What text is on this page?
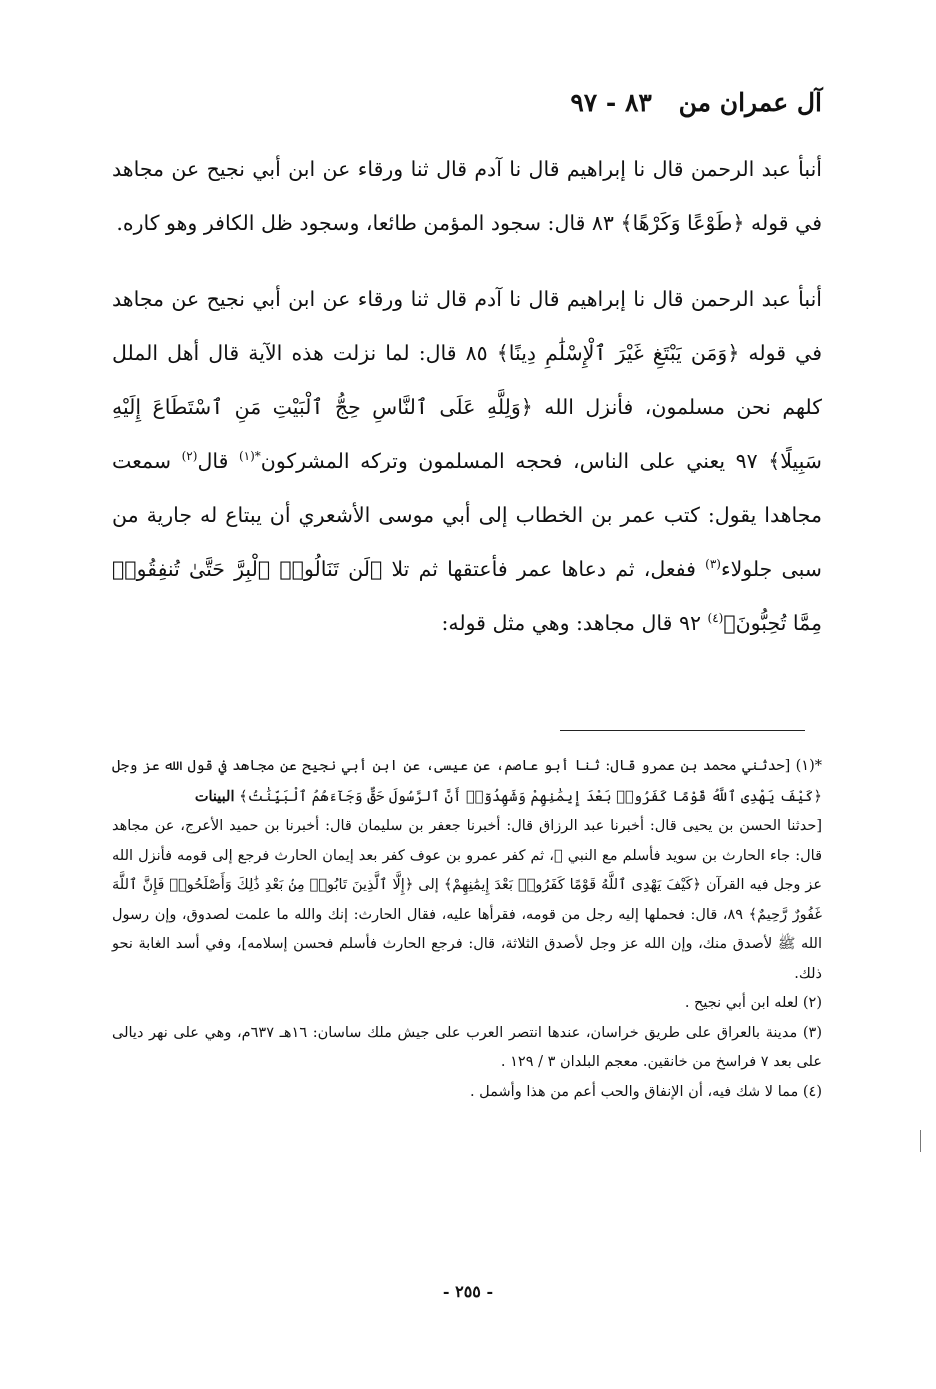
آل عمران من ٨٣ - ٩٧

أنبأ عبد الرحمن قال نا إبراهيم قال نا آدم قال ثنا ورقاء عن ابن أبي نجيح عن مجاهد في قوله ﴿طَوْعًا وَكَرْهًا﴾ ٨٣ قال: سجود المؤمن طائعا، وسجود ظل الكافر وهو كاره.

أنبأ عبد الرحمن قال نا إبراهيم قال نا آدم قال ثنا ورقاء عن ابن أبي نجيح عن مجاهد في قوله ﴿وَمَن يَبْتَغِ غَيْرَ ٱلْإِسْلَٰمِ دِينًا﴾ ٨٥ قال: لما نزلت هذه الآية قال أهل الملل كلهم نحن مسلمون، فأنزل الله ﴿وَلِلَّهِ عَلَى ٱلنَّاسِ حِجُّ ٱلْبَيْتِ مَنِ ٱسْتَطَاعَ إِلَيْهِ سَبِيلًا﴾ ٩٧ يعني على الناس، فحجه المسلمون وتركه المشركون$^{*(١)}$ قال$^{(٢)}$ سمعت مجاهدا يقول: كتب عمر بن الخطاب إلى أبي موسى الأشعري أن يبتاع له جارية من سبى جلولاء$^{(٣)}$ ففعل، ثم دعاها عمر فأعتقها ثم تلا ﴿لَن تَنَالُوا۟ ٱلْبِرَّ حَتَّىٰ تُنفِقُوا۟ مِمَّا تُحِبُّونَ﴾$^{(٤)}$ ٩٢ قال مجاهد: وهي مثل قوله:

*(١) [حدثني محمد بن عمرو قال: ثنا أبو عاصم، عن عيسى، عن ابن أبي نجيح عن مجاهد في قول الله عز وجل ﴿كَيْفَ يَهْدِى ٱللَّهُ قَوْمًا كَفَرُوا۟ بَعْدَ إِيمَٰنِهِمْ وَشَهِدُوٓا۟ أَنَّ ٱلرَّسُولَ حَقٌّ وَجَآءَهُمُ ٱلْبَيِّنَٰتُ﴾ البينات

[حدثنا الحسن بن يحيى قال: أخبرنا عبد الرزاق قال: أخبرنا جعفر بن سليمان قال: أخبرنا بن حميد الأعرج، عن مجاهد قال: جاء الحارث بن سويد فأسلم مع النبي ﷺ، ثم كفر عمرو بن عوف كفر بعد إيمان الحارث فرجع إلى قومه فأنزل الله عز وجل فيه القرآن ﴿كَيْفَ يَهْدِى ٱللَّهُ قَوْمًا كَفَرُوا۟ بَعْدَ إِيمَٰنِهِمْ﴾ إلى ﴿إِلَّا ٱلَّذِينَ تَابُوا۟ مِنۢ بَعْدِ ذَٰلِكَ وَأَصْلَحُوا۟ فَإِنَّ ٱللَّهَ غَفُورٌ رَّحِيمٌ﴾ ٨٩، قال: فحملها إليه رجل من قومه، فقرأها عليه، فقال الحارث: إنك والله ما علمت لصدوق، وإن رسول الله ﷺ لأصدق منك، وإن الله عز وجل لأصدق الثلاثة، قال: فرجع الحارث فأسلم فحسن إسلامه]، وفي أسد الغابة نحو ذلك.

(٢) لعله ابن أبي نجيح .

(٣) مدينة بالعراق على طريق خراسان، عندها انتصر العرب على جيش ملك ساسان: ١٦هـ ٦٣٧م، وهي على نهر ديالى على بعد ٧ فراسخ من خانقين. معجم البلدان ٣ / ١٢٩ .

(٤) مما لا شك فيه، أن الإنفاق والحب أعم من هذا وأشمل .

- ٢٥٥ -
